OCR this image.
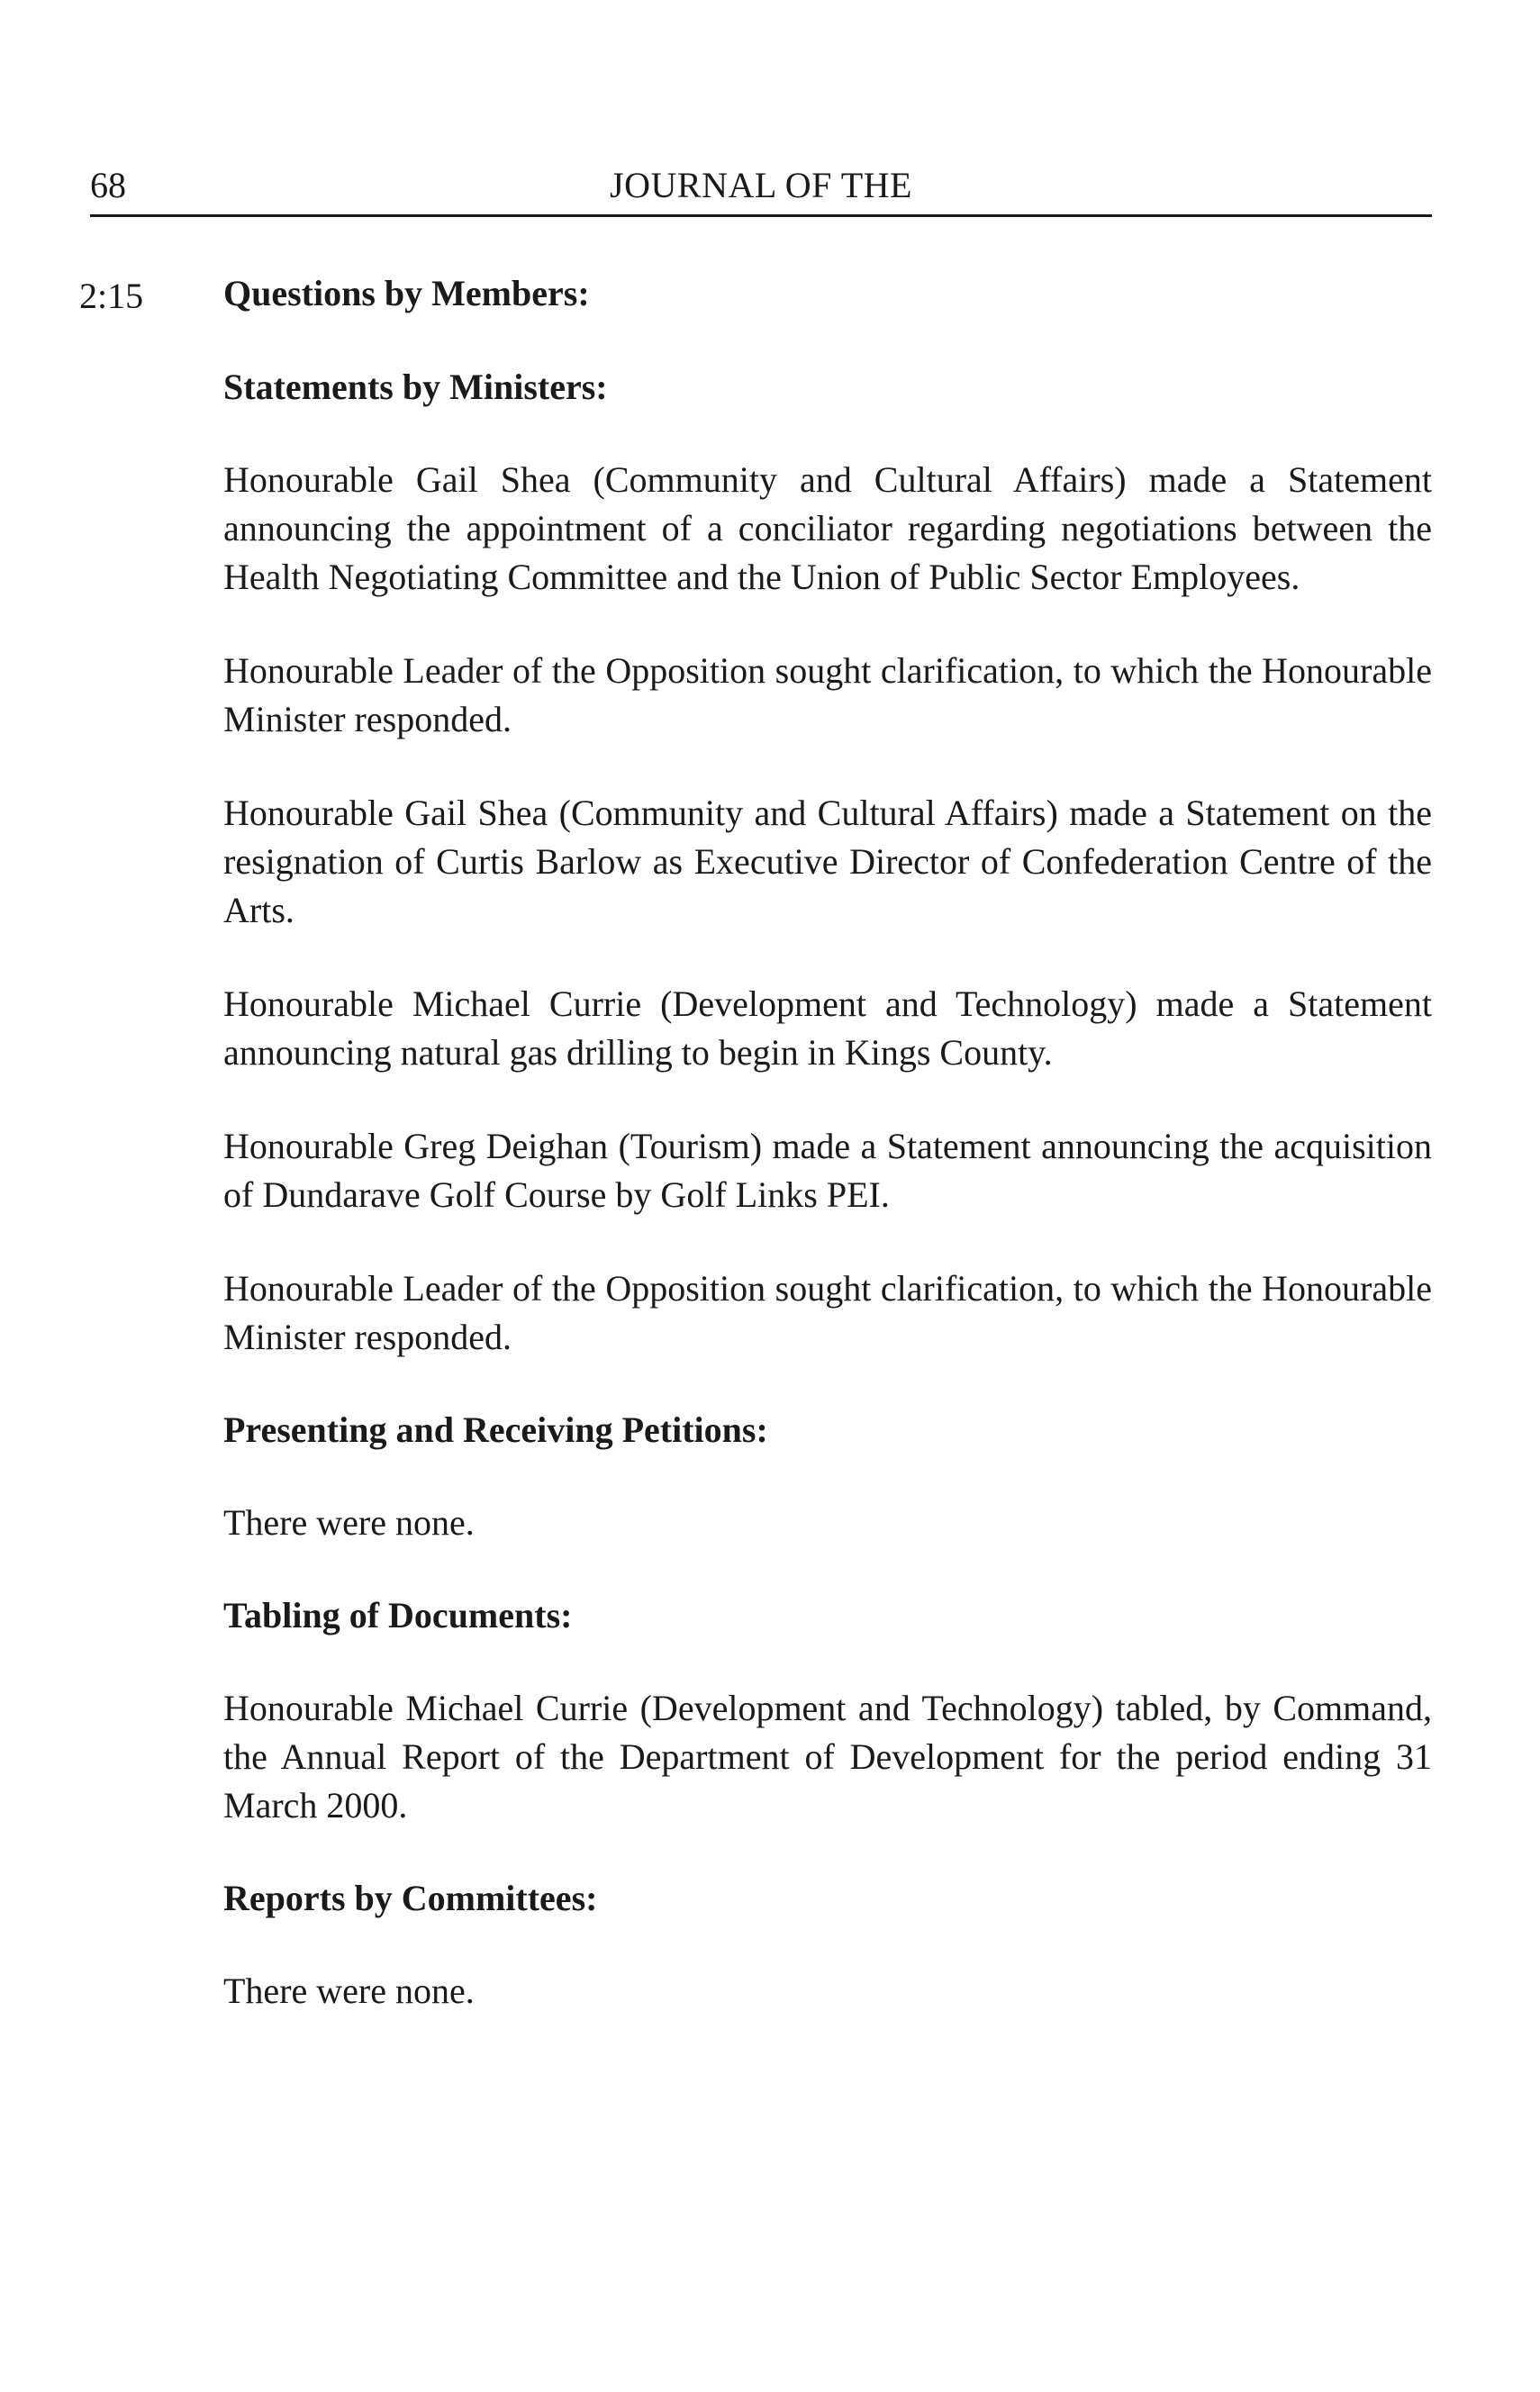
68	JOURNAL OF THE
2:15 Questions by Members:

Statements by Ministers:

Honourable Gail Shea (Community and Cultural Affairs) made a Statement announcing the appointment of a conciliator regarding negotiations between the Health Negotiating Committee and the Union of Public Sector Employees.

Honourable Leader of the Opposition sought clarification, to which the Honourable Minister responded.

Honourable Gail Shea (Community and Cultural Affairs) made a Statement on the resignation of Curtis Barlow as Executive Director of Confederation Centre of the Arts.

Honourable Michael Currie (Development and Technology) made a Statement announcing natural gas drilling to begin in Kings County.

Honourable Greg Deighan (Tourism) made a Statement announcing the acquisition of Dundarave Golf Course by Golf Links PEI.

Honourable Leader of the Opposition sought clarification, to which the Honourable Minister responded.

Presenting and Receiving Petitions:

There were none.

Tabling of Documents:

Honourable Michael Currie (Development and Technology) tabled, by Command, the Annual Report of the Department of Development for the period ending 31 March 2000.

Reports by Committees:

There were none.
